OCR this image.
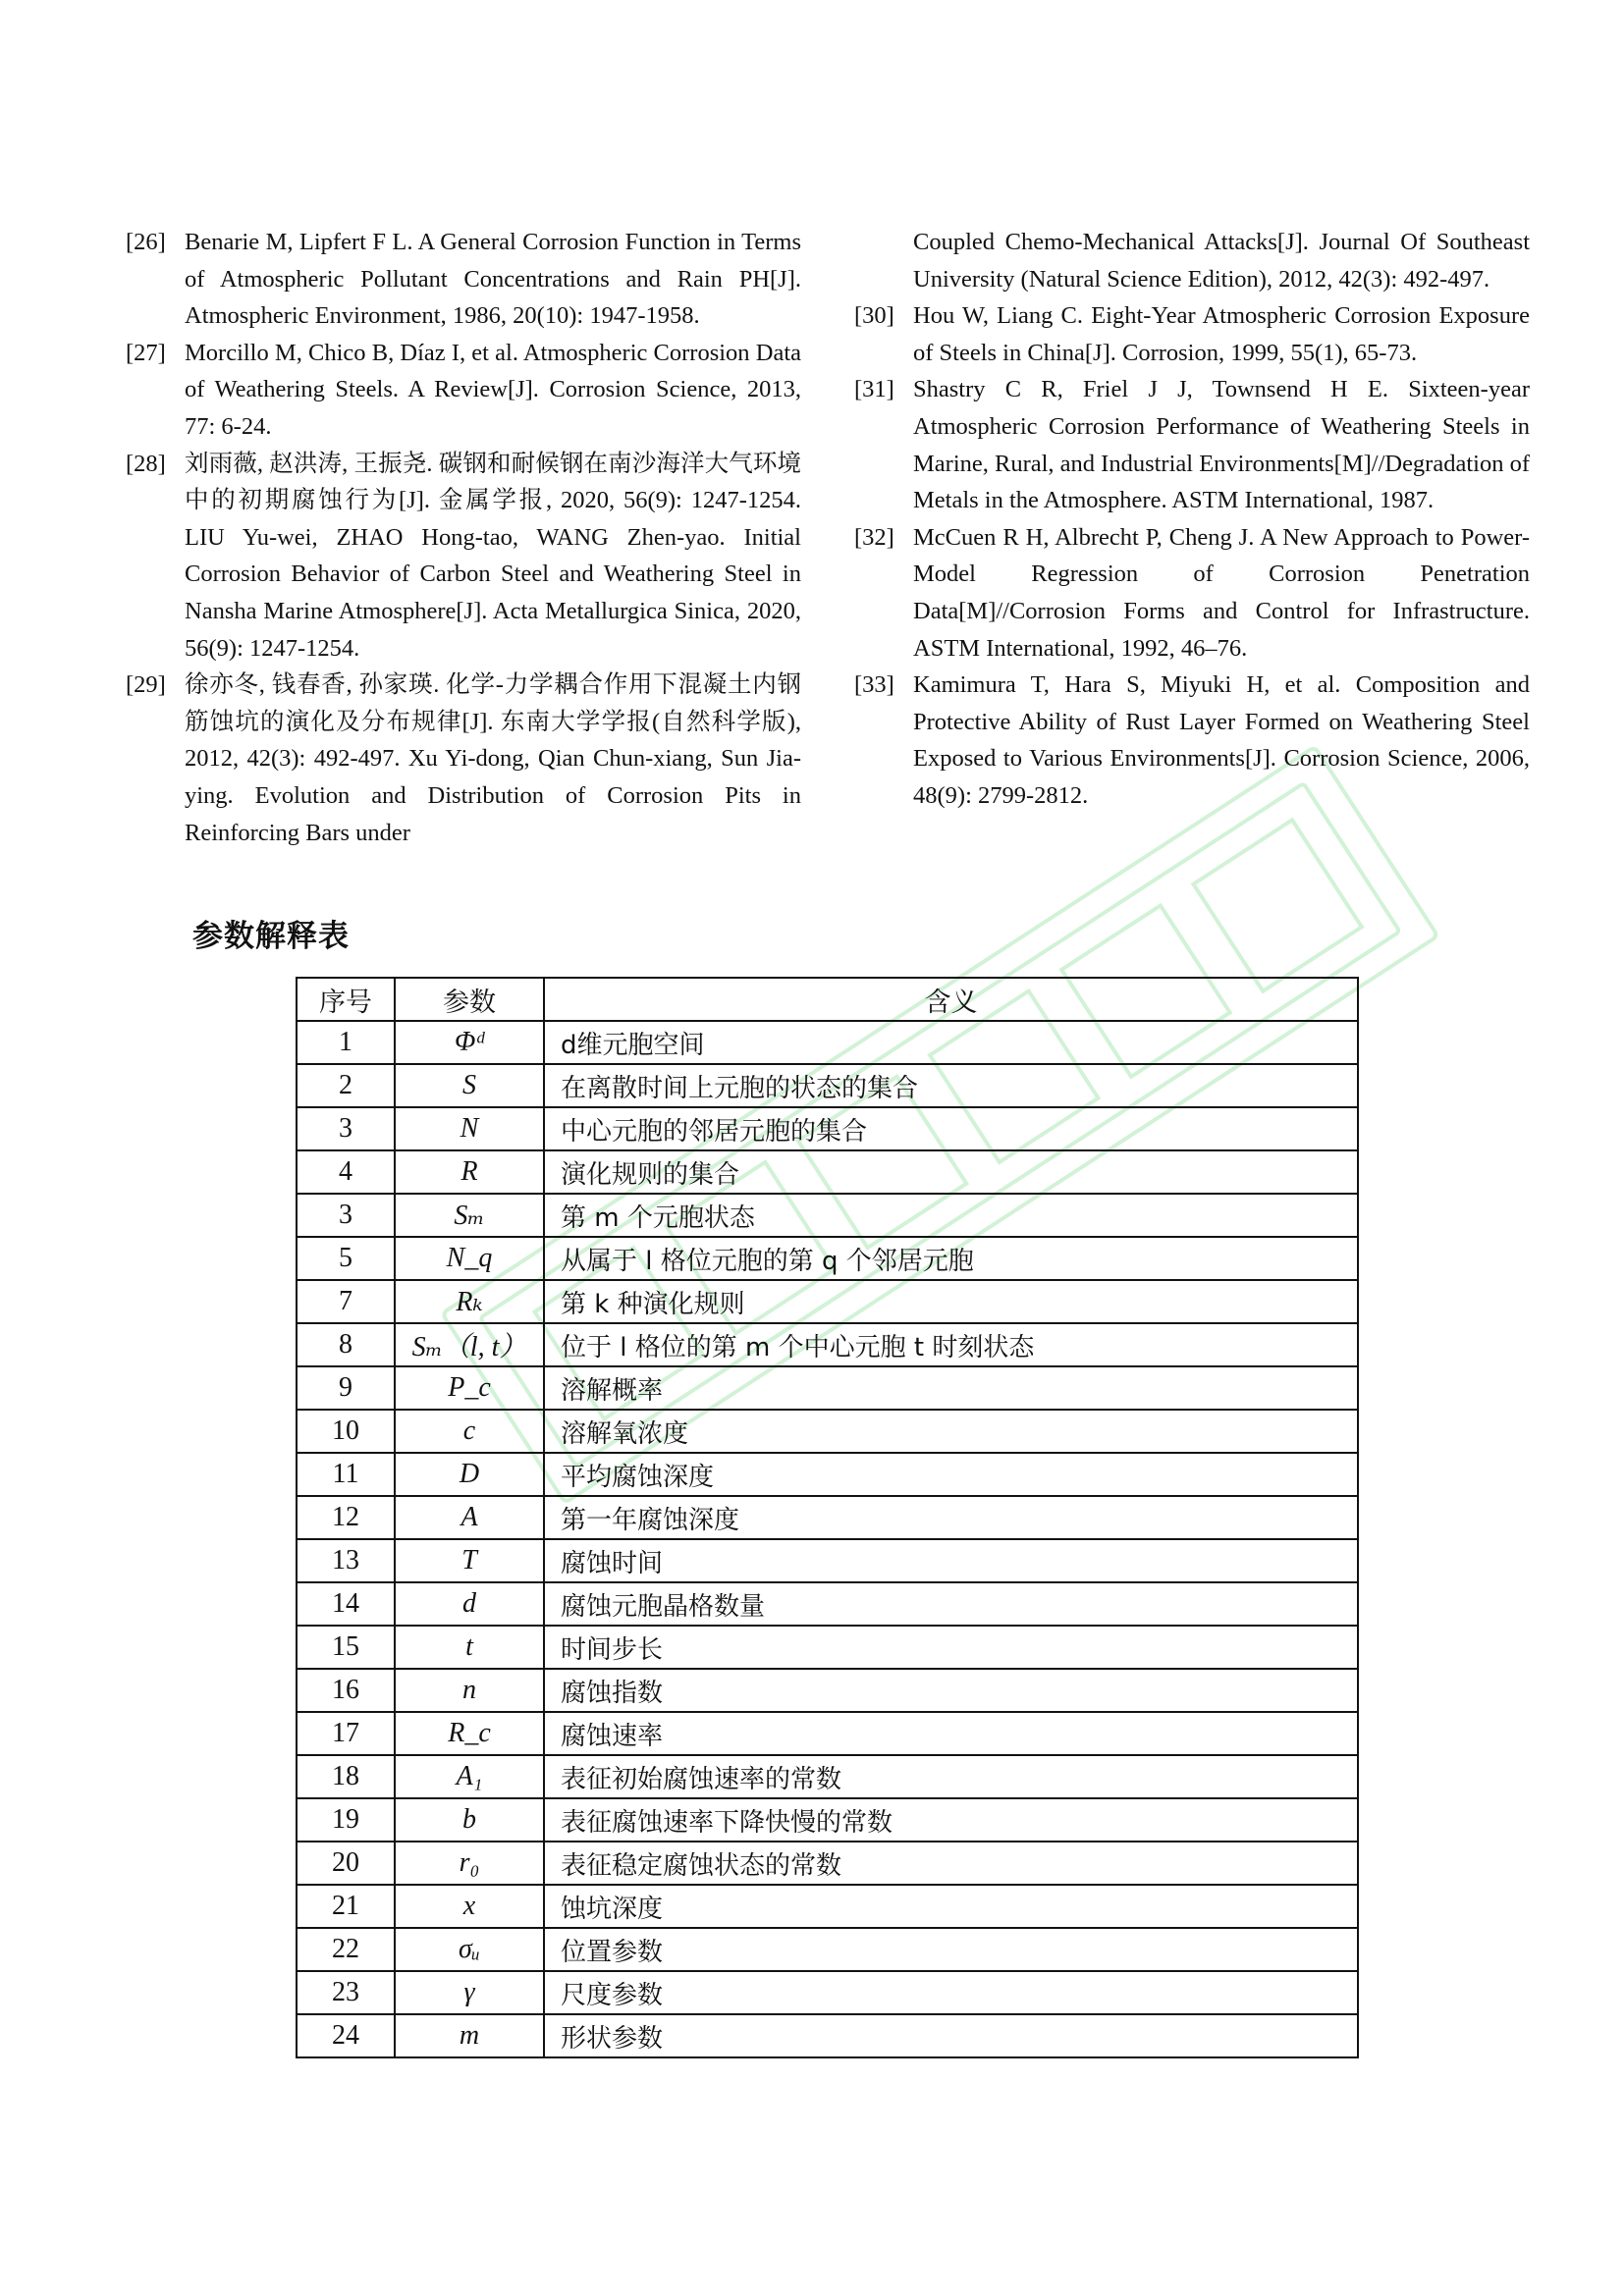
[26] Benarie M, Lipfert F L. A General Corrosion Function in Terms of Atmospheric Pollutant Concentrations and Rain PH[J]. Atmospheric Environment, 1986, 20(10): 1947-1958.
[27] Morcillo M, Chico B, Díaz I, et al. Atmospheric Corrosion Data of Weathering Steels. A Review[J]. Corrosion Science, 2013, 77: 6-24.
[28] 刘雨薇, 赵洪涛, 王振尧. 碳钢和耐候钢在南沙海洋大气环境中的初期腐蚀行为[J]. 金属学报, 2020, 56(9): 1247-1254. LIU Yu-wei, ZHAO Hong-tao, WANG Zhen-yao. Initial Corrosion Behavior of Carbon Steel and Weathering Steel in Nansha Marine Atmosphere[J]. Acta Metallurgica Sinica, 2020, 56(9): 1247-1254.
[29] 徐亦冬, 钱春香, 孙家瑛. 化学-力学耦合作用下混凝土内钢筋蚀坑的演化及分布规律[J]. 东南大学学报(自然科学版), 2012, 42(3): 492-497. Xu Yi-dong, Qian Chun-xiang, Sun Jia-ying. Evolution and Distribution of Corrosion Pits in Reinforcing Bars under
Coupled Chemo-Mechanical Attacks[J]. Journal Of Southeast University (Natural Science Edition), 2012, 42(3): 492-497.
[30] Hou W, Liang C. Eight-Year Atmospheric Corrosion Exposure of Steels in China[J]. Corrosion, 1999, 55(1), 65-73.
[31] Shastry C R, Friel J J, Townsend H E. Sixteen-year Atmospheric Corrosion Performance of Weathering Steels in Marine, Rural, and Industrial Environments[M]//Degradation of Metals in the Atmosphere. ASTM International, 1987.
[32] McCuen R H, Albrecht P, Cheng J. A New Approach to Power-Model Regression of Corrosion Penetration Data[M]//Corrosion Forms and Control for Infrastructure. ASTM International, 1992, 46–76.
[33] Kamimura T, Hara S, Miyuki H, et al. Composition and Protective Ability of Rust Layer Formed on Weathering Steel Exposed to Various Environments[J]. Corrosion Science, 2006, 48(9): 2799-2812.
参数解释表
序号	参数	含义
1	Φᵈ	d维元胞空间
2	S	在离散时间上元胞的状态的集合
3	N	中心元胞的邻居元胞的集合
4	R	演化规则的集合
3	Sₘ	第 m 个元胞状态
5	N_q	从属于 l 格位元胞的第 q 个邻居元胞
7	Rₖ	第 k 种演化规则
8	Sₘ（l, t）	位于 l 格位的第 m 个中心元胞 t 时刻状态
9	P_c	溶解概率
10	c	溶解氧浓度
11	D	平均腐蚀深度
12	A	第一年腐蚀深度
13	T	腐蚀时间
14	d	腐蚀元胞晶格数量
15	t	时间步长
16	n	腐蚀指数
17	R_c	腐蚀速率
18	A₁	表征初始腐蚀速率的常数
19	b	表征腐蚀速率下降快慢的常数
20	r₀	表征稳定腐蚀状态的常数
21	x	蚀坑深度
22	σᵤ	位置参数
23	γ	尺度参数
24	m	形状参数
